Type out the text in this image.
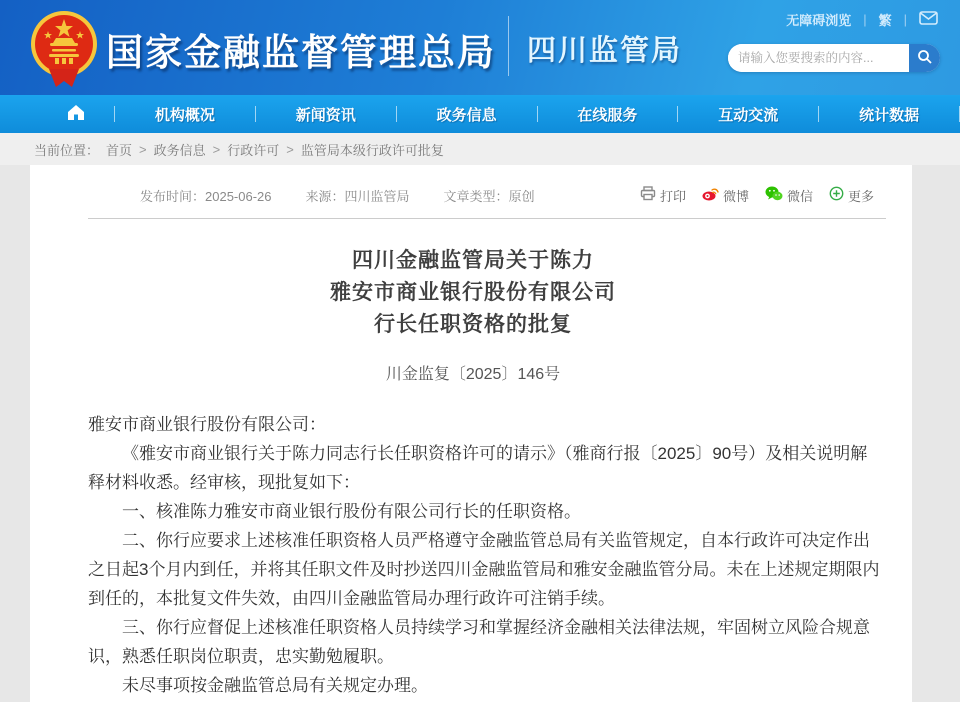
国家金融监督管理总局 四川监管局
无障碍浏览 | 繁 |
请输入您要搜索的内容...
机构概况	新闻资讯	政务信息	在线服务	互动交流	统计数据
当前位置： 首页 > 政务信息 > 行政许可 > 监管局本级行政许可批复
发布时间：2025-06-26	来源：四川监管局	文章类型：原创	打印	微博	微信	更多
四川金融监管局关于陈力
雅安市商业银行股份有限公司
行长任职资格的批复
川金监复〔2025〕146号

雅安市商业银行股份有限公司：

《雅安市商业银行关于陈力同志行长任职资格许可的请示》（雅商行报〔2025〕90号）及相关说明解释材料收悉。经审核，现批复如下：

一、核准陈力雅安市商业银行股份有限公司行长的任职资格。

二、你行应要求上述核准任职资格人员严格遵守金融监管总局有关监管规定，自本行政许可决定作出之日起3个月内到任，并将其任职文件及时抄送四川金融监管局和雅安金融监管分局。未在上述规定期限内到任的，本批复文件失效，由四川金融监管局办理行政许可注销手续。

三、你行应督促上述核准任职资格人员持续学习和掌握经济金融相关法律法规，牢固树立风险合规意识，熟悉任职岗位职责，忠实勤勉履职。

未尽事项按金融监管总局有关规定办理。
